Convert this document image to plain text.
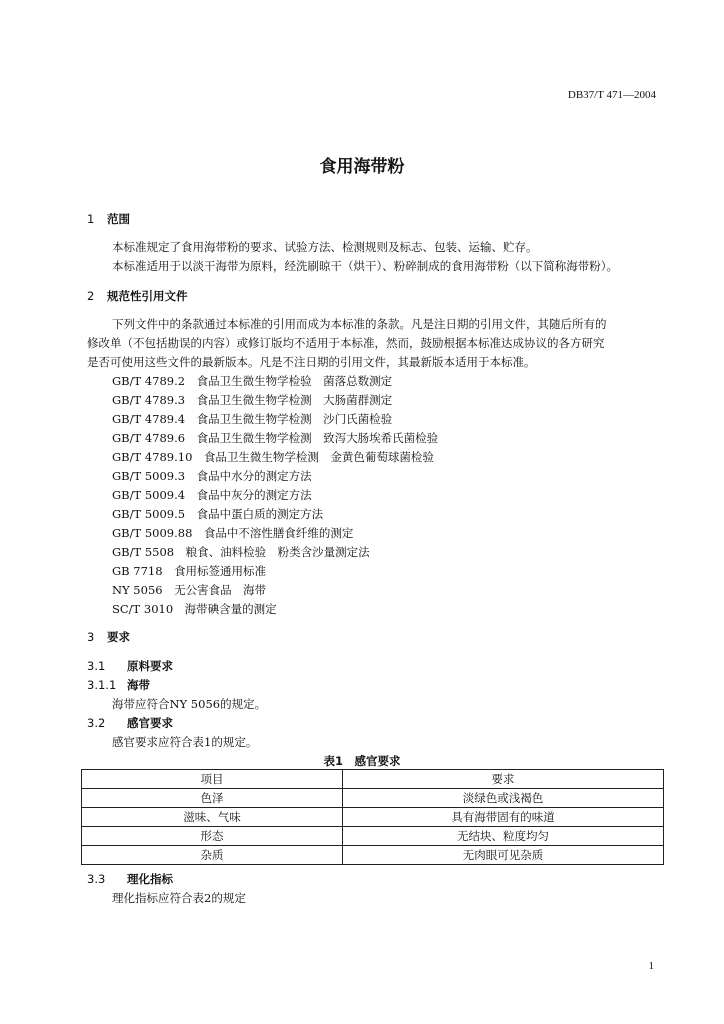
DB37/T 471—2004
食用海带粉
1 范围
本标准规定了食用海带粉的要求、试验方法、检测规则及标志、包装、运输、贮存。
本标准适用于以淡干海带为原料，经洗刷晾干（烘干）、粉碎制成的食用海带粉（以下简称海带粉）。
2 规范性引用文件
下列文件中的条款通过本标准的引用而成为本标准的条款。凡是注日期的引用文件，其随后所有的
修改单（不包括勘误的内容）或修订版均不适用于本标准，然而，鼓励根据本标准达成协议的各方研究
是否可使用这些文件的最新版本。凡是不注日期的引用文件，其最新版本适用于本标准。
GB/T 4789.2　 食品卫生微生物学检验　菌落总数测定
GB/T 4789.3　 食品卫生微生物学检测　大肠菌群测定
GB/T 4789.4　 食品卫生微生物学检测　沙门氏菌检验
GB/T 4789.6　 食品卫生微生物学检测　致泻大肠埃希氏菌检验
GB/T 4789.10　 食品卫生微生物学检测　金黄色葡萄球菌检验
GB/T 5009.3　 食品中水分的测定方法
GB/T 5009.4　 食品中灰分的测定方法
GB/T 5009.5　 食品中蛋白质的测定方法
GB/T 5009.88　 食品中不溶性膳食纤维的测定
GB/T 5508　 粮食、油料检验　粉类含沙量测定法
GB 7718　 食用标签通用标准
NY 5056　 无公害食品　海带
SC/T 3010　 海带碘含量的测定
3 要求
3.1 原料要求
3.1.1 海带
海带应符合NY 5056的规定。
3.2 感官要求
感官要求应符合表1的规定。
表1　感官要求
项目	要求
色泽	淡绿色或浅褐色
滋味、气味	具有海带固有的味道
形态	无结块、粒度均匀
杂质	无肉眼可见杂质
3.3 理化指标
理化指标应符合表2的规定
1
